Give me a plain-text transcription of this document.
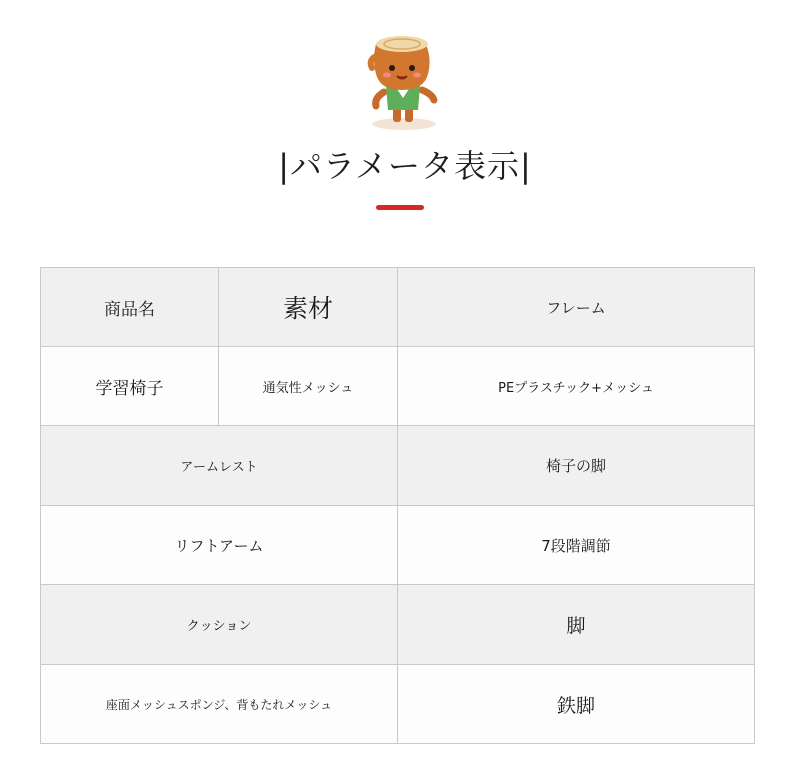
|パラメータ表示|
商品名	素材	フレーム
学習椅子	通気性メッシュ	PEプラスチック+メッシュ
アームレスト		椅子の脚
リフトアーム		7段階調節
クッション		脚
座面メッシュスポンジ、背もたれメッシュ		鉄脚
